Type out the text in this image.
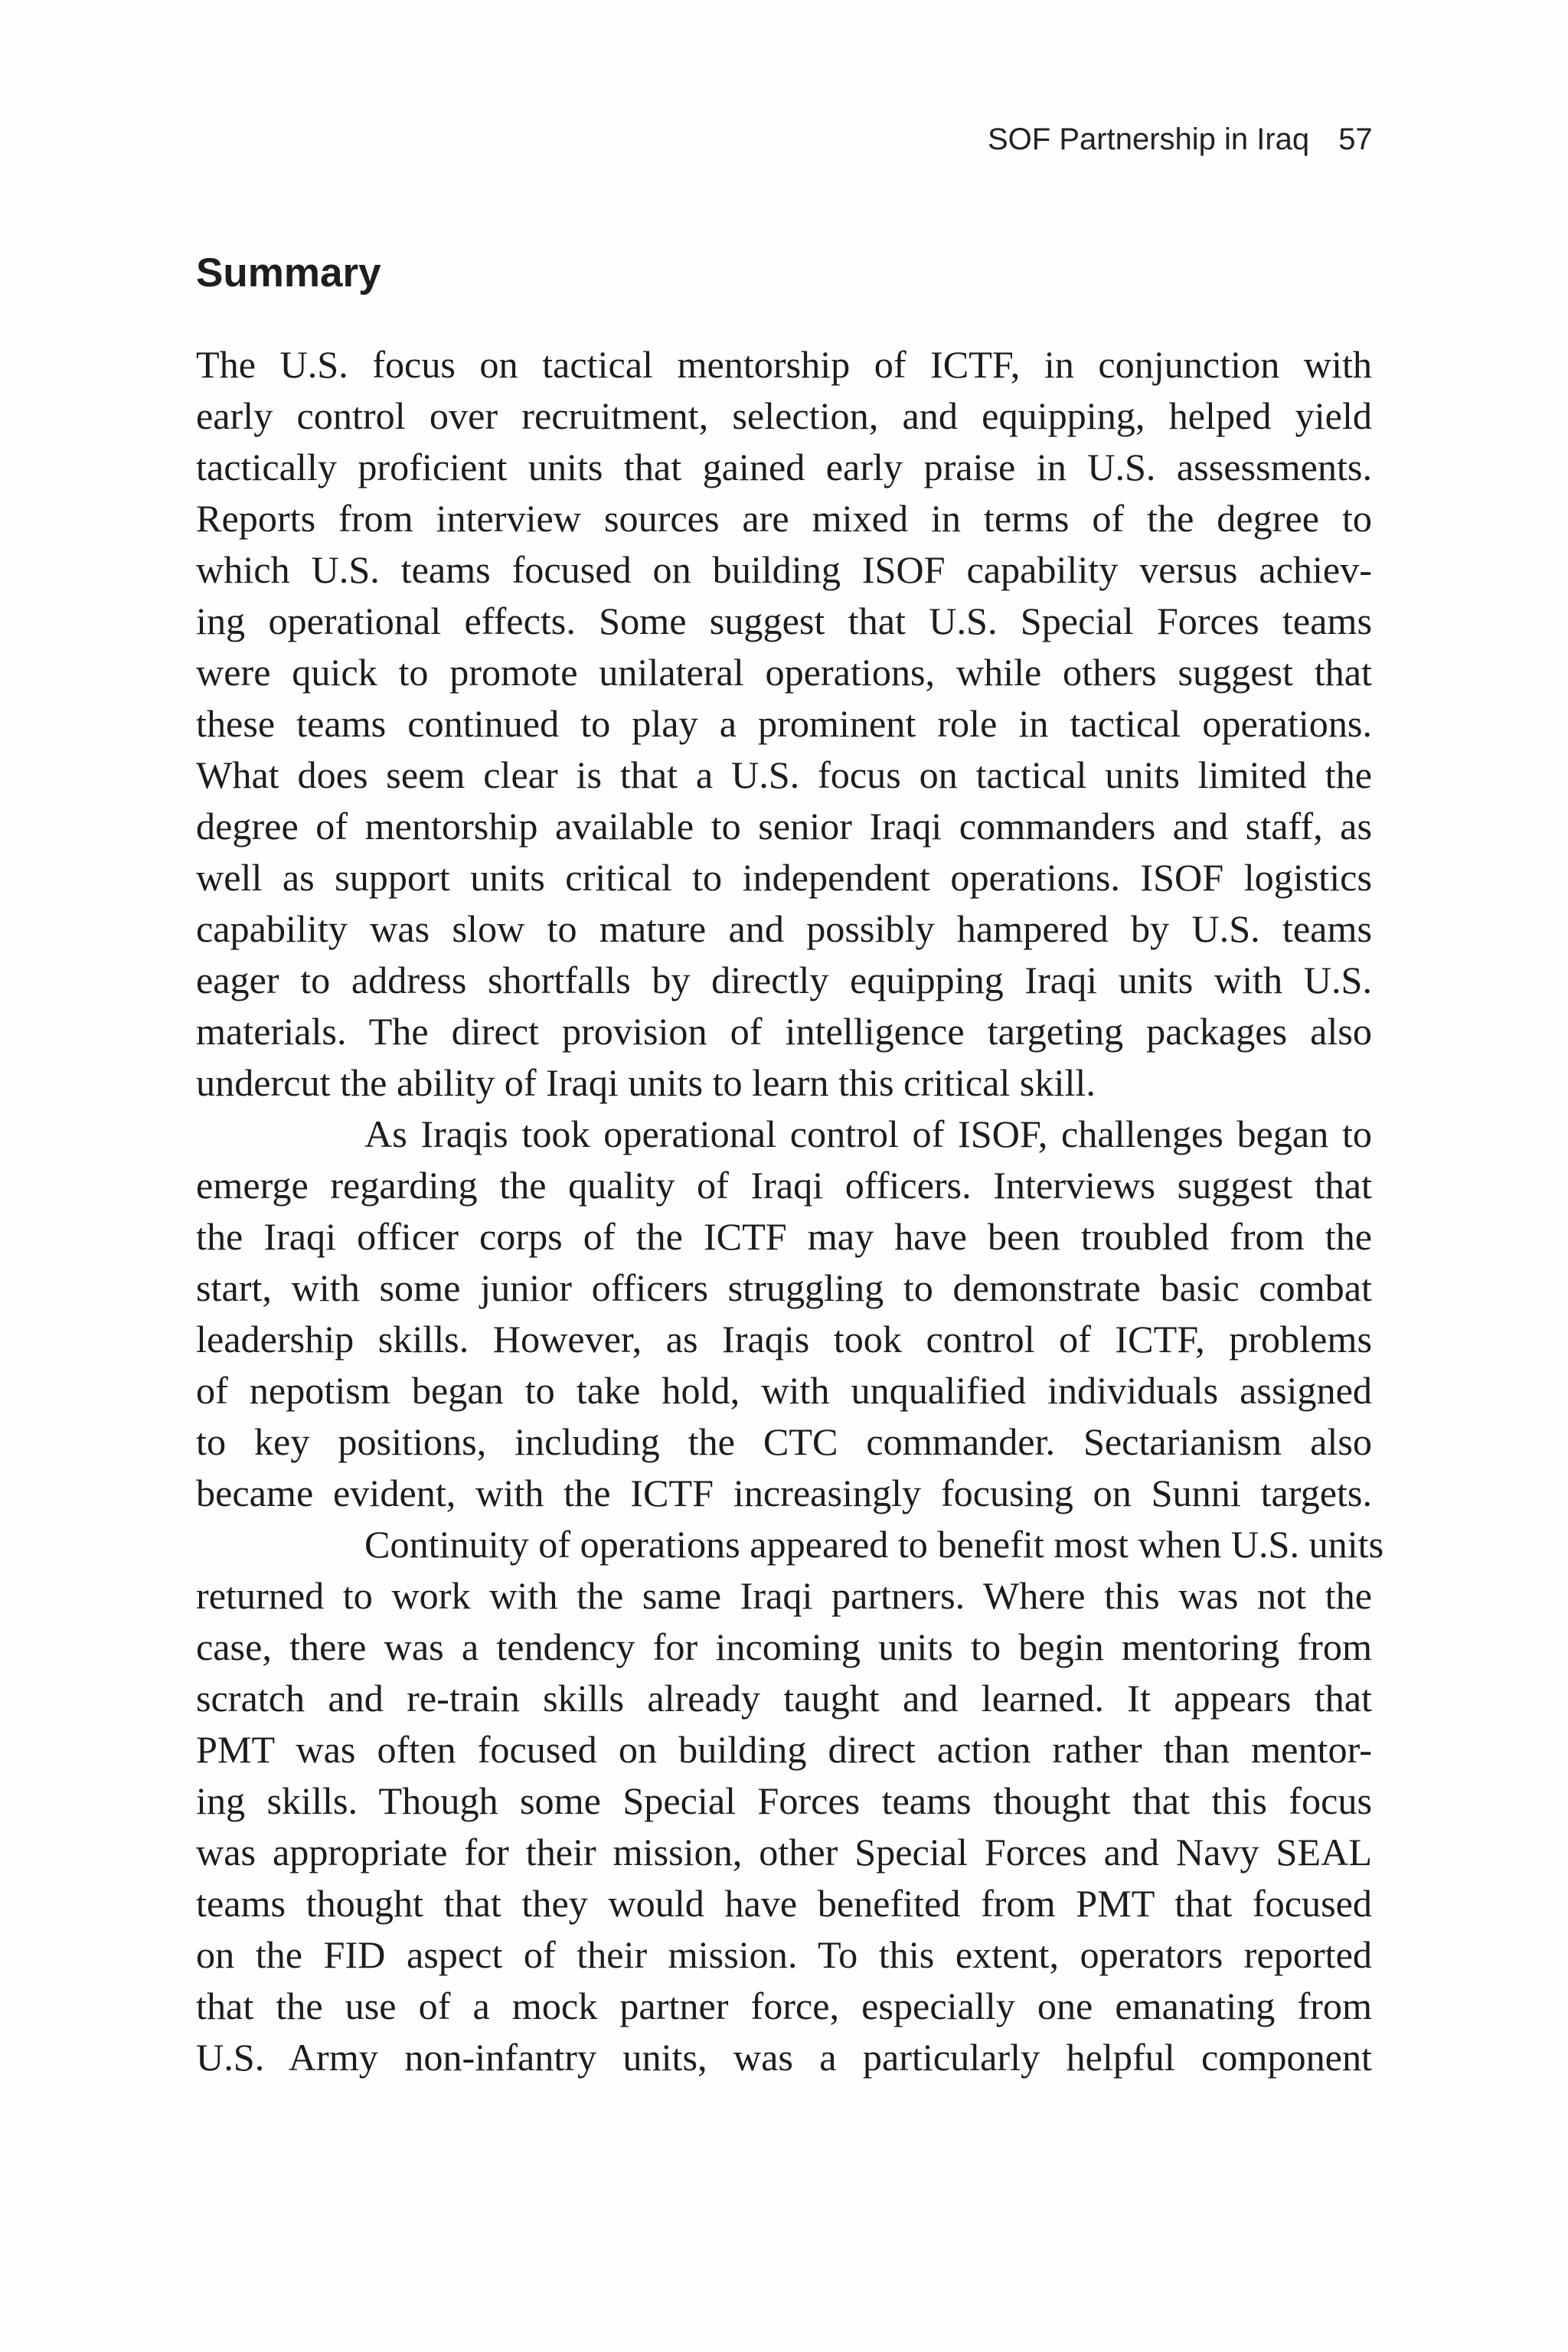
SOF Partnership in Iraq 57
Summary
The U.S. focus on tactical mentorship of ICTF, in conjunction with
early control over recruitment, selection, and equipping, helped yield
tactically proficient units that gained early praise in U.S. assessments.
Reports from interview sources are mixed in terms of the degree to
which U.S. teams focused on building ISOF capability versus achiev-
ing operational effects. Some suggest that U.S. Special Forces teams
were quick to promote unilateral operations, while others suggest that
these teams continued to play a prominent role in tactical operations.
What does seem clear is that a U.S. focus on tactical units limited the
degree of mentorship available to senior Iraqi commanders and staff, as
well as support units critical to independent operations. ISOF logistics
capability was slow to mature and possibly hampered by U.S. teams
eager to address shortfalls by directly equipping Iraqi units with U.S.
materials. The direct provision of intelligence targeting packages also
undercut the ability of Iraqi units to learn this critical skill.
As Iraqis took operational control of ISOF, challenges began to
emerge regarding the quality of Iraqi officers. Interviews suggest that
the Iraqi officer corps of the ICTF may have been troubled from the
start, with some junior officers struggling to demonstrate basic combat
leadership skills. However, as Iraqis took control of ICTF, problems
of nepotism began to take hold, with unqualified individuals assigned
to key positions, including the CTC commander. Sectarianism also
became evident, with the ICTF increasingly focusing on Sunni targets.
Continuity of operations appeared to benefit most when U.S. units
returned to work with the same Iraqi partners. Where this was not the
case, there was a tendency for incoming units to begin mentoring from
scratch and re-train skills already taught and learned. It appears that
PMT was often focused on building direct action rather than mentor-
ing skills. Though some Special Forces teams thought that this focus
was appropriate for their mission, other Special Forces and Navy SEAL
teams thought that they would have benefited from PMT that focused
on the FID aspect of their mission. To this extent, operators reported
that the use of a mock partner force, especially one emanating from
U.S. Army non-infantry units, was a particularly helpful component
